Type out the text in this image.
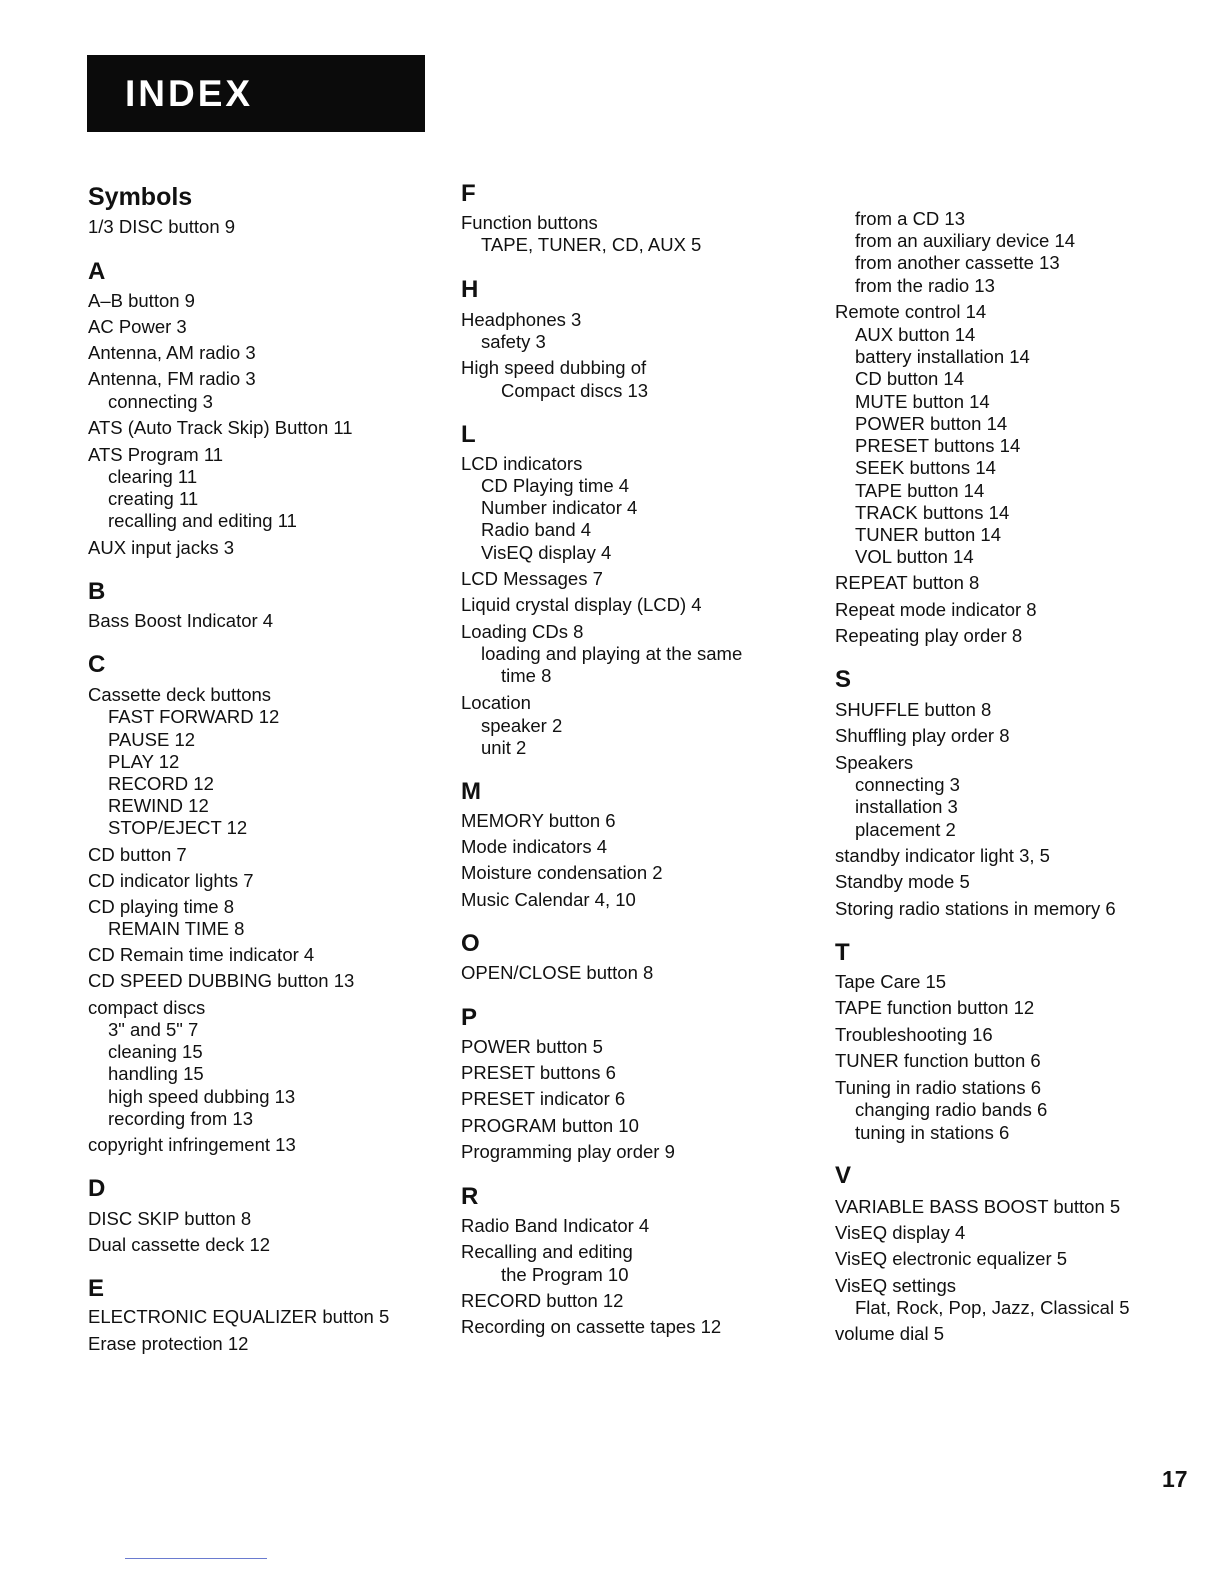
INDEX
Symbols
1/3 DISC button 9
A
A–B button 9
AC Power 3
Antenna, AM radio 3
Antenna, FM radio 3
connecting 3
ATS (Auto Track Skip) Button 11
ATS Program 11
clearing 11
creating 11
recalling and editing 11
AUX input jacks 3
B
Bass Boost Indicator 4
C
Cassette deck buttons
FAST FORWARD 12
PAUSE 12
PLAY 12
RECORD 12
REWIND 12
STOP/EJECT 12
CD button 7
CD indicator lights 7
CD playing time 8
REMAIN TIME 8
CD Remain time indicator 4
CD SPEED DUBBING button 13
compact discs
3" and 5" 7
cleaning 15
handling 15
high speed dubbing 13
recording from 13
copyright infringement 13
D
DISC SKIP button 8
Dual cassette deck 12
E
ELECTRONIC EQUALIZER button 5
Erase protection 12
F
Function buttons
TAPE, TUNER, CD, AUX 5
H
Headphones 3
safety 3
High speed dubbing of
Compact discs 13
L
LCD indicators
CD Playing time 4
Number indicator 4
Radio band 4
VisEQ display 4
LCD Messages 7
Liquid crystal display (LCD) 4
Loading CDs 8
loading and playing at the same
time 8
Location
speaker 2
unit 2
M
MEMORY button 6
Mode indicators 4
Moisture condensation 2
Music Calendar 4, 10
O
OPEN/CLOSE button 8
P
POWER button 5
PRESET buttons 6
PRESET indicator 6
PROGRAM button 10
Programming play order 9
R
Radio Band Indicator 4
Recalling and editing
the Program 10
RECORD button 12
Recording on cassette tapes 12
from a CD 13
from an auxiliary device 14
from another cassette 13
from the radio 13
Remote control 14
AUX button 14
battery installation 14
CD button 14
MUTE button 14
POWER button 14
PRESET buttons 14
SEEK buttons 14
TAPE button 14
TRACK buttons 14
TUNER button 14
VOL button 14
REPEAT button 8
Repeat mode indicator 8
Repeating play order 8
S
SHUFFLE button 8
Shuffling play order 8
Speakers
connecting 3
installation 3
placement 2
standby indicator light 3, 5
Standby mode 5
Storing radio stations in memory 6
T
Tape Care 15
TAPE function button 12
Troubleshooting 16
TUNER function button 6
Tuning in radio stations 6
changing radio bands 6
tuning in stations 6
V
VARIABLE BASS BOOST button 5
VisEQ display 4
VisEQ electronic equalizer 5
VisEQ settings
Flat, Rock, Pop, Jazz, Classical 5
volume dial 5
17
